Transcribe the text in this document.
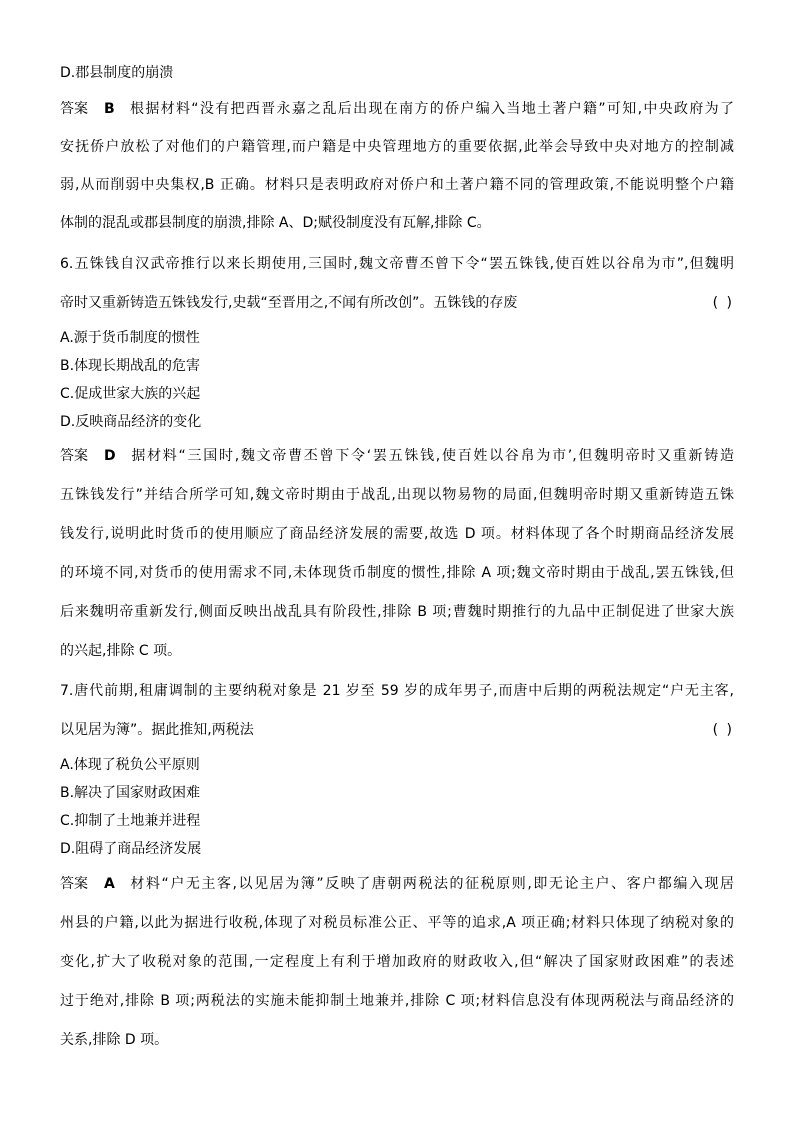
D.郡县制度的崩溃
答案 B 根据材料“没有把西晋永嘉之乱后出现在南方的侨户编入当地土著户籍”可知,中央政府为了
安抚侨户放松了对他们的户籍管理,而户籍是中央管理地方的重要依据,此举会导致中央对地方的控制减
弱,从而削弱中央集权,B 正确。材料只是表明政府对侨户和土著户籍不同的管理政策,不能说明整个户籍
体制的混乱或郡县制度的崩溃,排除 A、D;赋役制度没有瓦解,排除 C。
6.五铢钱自汉武帝推行以来长期使用,三国时,魏文帝曹丕曾下令“罢五铢钱,使百姓以谷帛为市”,但魏明
帝时又重新铸造五铢钱发行,史载“至晋用之,不闻有所改创”。五铢钱的存废	( )
A.源于货币制度的惯性
B.体现长期战乱的危害
C.促成世家大族的兴起
D.反映商品经济的变化
答案 D 据材料“三国时,魏文帝曹丕曾下令‘罢五铢钱,使百姓以谷帛为市’,但魏明帝时又重新铸造
五铢钱发行”并结合所学可知,魏文帝时期由于战乱,出现以物易物的局面,但魏明帝时期又重新铸造五铢
钱发行,说明此时货币的使用顺应了商品经济发展的需要,故选 D 项。材料体现了各个时期商品经济发展
的环境不同,对货币的使用需求不同,未体现货币制度的惯性,排除 A 项;魏文帝时期由于战乱,罢五铢钱,但
后来魏明帝重新发行,侧面反映出战乱具有阶段性,排除 B 项;曹魏时期推行的九品中正制促进了世家大族
的兴起,排除 C 项。
7.唐代前期,租庸调制的主要纳税对象是 21 岁至 59 岁的成年男子,而唐中后期的两税法规定“户无主客,
以见居为簿”。据此推知,两税法	( )
A.体现了税负公平原则
B.解决了国家财政困难
C.抑制了土地兼并进程
D.阻碍了商品经济发展
答案 A 材料“户无主客,以见居为簿”反映了唐朝两税法的征税原则,即无论主户、客户都编入现居
州县的户籍,以此为据进行收税,体现了对税员标准公正、平等的追求,A 项正确;材料只体现了纳税对象的
变化,扩大了收税对象的范围,一定程度上有利于增加政府的财政收入,但“解决了国家财政困难”的表述
过于绝对,排除 B 项;两税法的实施未能抑制土地兼并,排除 C 项;材料信息没有体现两税法与商品经济的
关系,排除 D 项。
